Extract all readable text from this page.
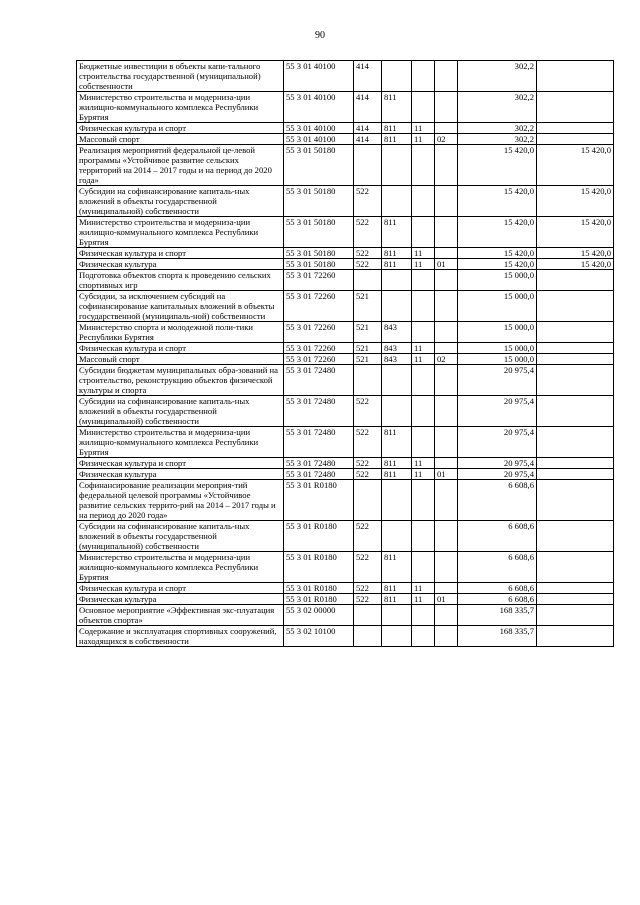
90
Бюджетные инвестиции в объекты капи-тального строительства государственной (муниципальной) собственности	55 3 01 40100	414				302,2	
Министерство строительства и модерниза-ции жилищно-коммунального комплекса Республики Бурятия	55 3 01 40100	414	811			302,2	
Физическая культура и спорт	55 3 01 40100	414	811	11		302,2	
Массовый спорт	55 3 01 40100	414	811	11	02	302,2	
Реализация мероприятий федеральной це-левой программы «Устойчивое развитие сельских территорий на 2014 – 2017 годы и на период до 2020 года»	55 3 01 50180					15 420,0	15 420,0
Субсидии на софинансирование капиталь-ных вложений в объекты государственной (муниципальной) собственности	55 3 01 50180	522				15 420,0	15 420,0
Министерство строительства и модерниза-ции жилищно-коммунального комплекса Республики Бурятия	55 3 01 50180	522	811			15 420,0	15 420,0
Физическая культура и спорт	55 3 01 50180	522	811	11		15 420,0	15 420,0
Физическая культура	55 3 01 50180	522	811	11	01	15 420,0	15 420,0
Подготовка объектов спорта к проведению сельских спортивных игр	55 3 01 72260					15 000,0	
Субсидии, за исключением субсидий на софинансирование капитальных вложений в объекты государственной (муниципаль-ной) собственности	55 3 01 72260	521				15 000,0	
Министерство спорта и молодежной поли-тики Республики Бурятия	55 3 01 72260	521	843			15 000,0	
Физическая культура и спорт	55 3 01 72260	521	843	11		15 000,0	
Массовый спорт	55 3 01 72260	521	843	11	02	15 000,0	
Субсидии бюджетам муниципальных обра-зований на строительство, реконструкцию объектов физической культуры и спорта	55 3 01 72480					20 975,4	
Субсидии на софинансирование капиталь-ных вложений в объекты государственной (муниципальной) собственности	55 3 01 72480	522				20 975,4	
Министерство строительства и модерниза-ции жилищно-коммунального комплекса Республики Бурятия	55 3 01 72480	522	811			20 975,4	
Физическая культура и спорт	55 3 01 72480	522	811	11		20 975,4	
Физическая культура	55 3 01 72480	522	811	11	01	20 975,4	
Софинансирование реализации мероприя-тий федеральной целевой программы «Устойчивое развитие сельских террито-рий на 2014 – 2017 годы и на период до 2020 года»	55 3 01 R0180					6 608,6	
Субсидии на софинансирование капиталь-ных вложений в объекты государственной (муниципальной) собственности	55 3 01 R0180	522				6 608,6	
Министерство строительства и модерниза-ции жилищно-коммунального комплекса Республики Бурятия	55 3 01 R0180	522	811			6 608,6	
Физическая культура и спорт	55 3 01 R0180	522	811	11		6 608,6	
Физическая культура	55 3 01 R0180	522	811	11	01	6 608,6	
Основное мероприятие «Эффективная экс-плуатация объектов спорта»	55 3 02 00000					168 335,7	
Содержание и эксплуатация спортивных сооружений, находящихся в собственности	55 3 02 10100					168 335,7	
